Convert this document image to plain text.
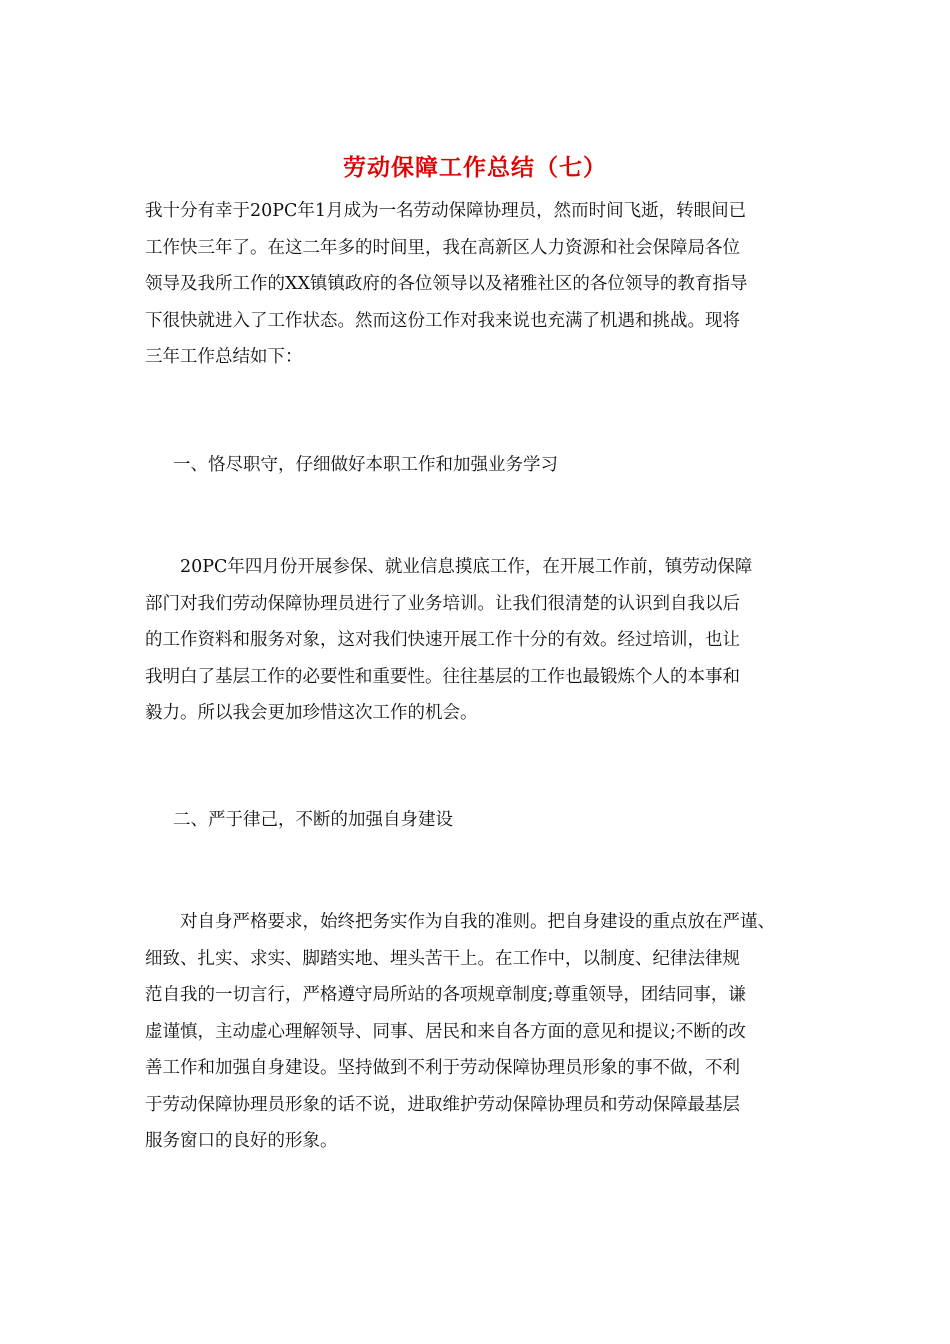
劳动保障工作总结（七）
我十分有幸于20PC年1月成为一名劳动保障协理员，然而时间飞逝，转眼间已
工作快三年了。在这二年多的时间里，我在高新区人力资源和社会保障局各位
领导及我所工作的XX镇镇政府的各位领导以及褚雅社区的各位领导的教育指导
下很快就进入了工作状态。然而这份工作对我来说也充满了机遇和挑战。现将
三年工作总结如下：
一、恪尽职守，仔细做好本职工作和加强业务学习
　　20PC年四月份开展参保、就业信息摸底工作，在开展工作前，镇劳动保障
部门对我们劳动保障协理员进行了业务培训。让我们很清楚的认识到自我以后
的工作资料和服务对象，这对我们快速开展工作十分的有效。经过培训，也让
我明白了基层工作的必要性和重要性。往往基层的工作也最锻炼个人的本事和
毅力。所以我会更加珍惜这次工作的机会。
二、严于律己，不断的加强自身建设
　　对自身严格要求，始终把务实作为自我的准则。把自身建设的重点放在严谨、
细致、扎实、求实、脚踏实地、埋头苦干上。在工作中，以制度、纪律法律规
范自我的一切言行，严格遵守局所站的各项规章制度;尊重领导，团结同事，谦
虚谨慎，主动虚心理解领导、同事、居民和来自各方面的意见和提议;不断的改
善工作和加强自身建设。坚持做到不利于劳动保障协理员形象的事不做，不利
于劳动保障协理员形象的话不说，进取维护劳动保障协理员和劳动保障最基层
服务窗口的良好的形象。
